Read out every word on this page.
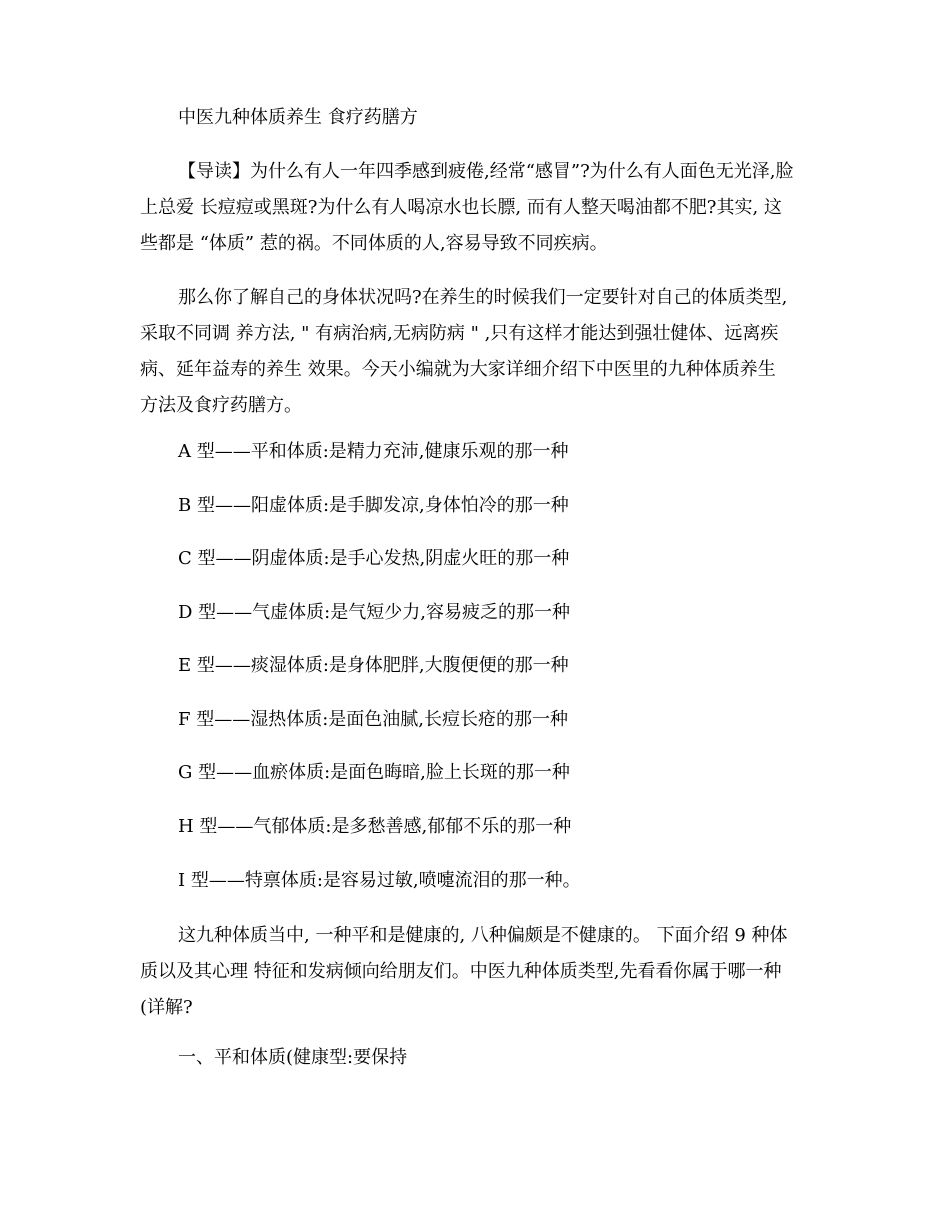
中医九种体质养生 食疗药膳方
【导读】为什么有人一年四季感到疲倦,经常“感冒”?为什么有人面色无光泽,脸
上总爱 长痘痘或黑斑?为什么有人喝凉水也长膘, 而有人整天喝油都不肥?其实, 这
些都是 “体质” 惹的祸。不同体质的人,容易导致不同疾病。
那么你了解自己的身体状况吗?在养生的时候我们一定要针对自己的体质类型,
采取不同调 养方法, " 有病治病,无病防病 " ,只有这样才能达到强壮健体、远离疾
病、延年益寿的养生 效果。今天小编就为大家详细介绍下中医里的九种体质养生
方法及食疗药膳方。
A 型——平和体质:是精力充沛,健康乐观的那一种
B 型——阳虚体质:是手脚发凉,身体怕冷的那一种
C 型——阴虚体质:是手心发热,阴虚火旺的那一种
D 型——气虚体质:是气短少力,容易疲乏的那一种
E 型——痰湿体质:是身体肥胖,大腹便便的那一种
F 型——湿热体质:是面色油腻,长痘长疮的那一种
G 型——血瘀体质:是面色晦暗,脸上长斑的那一种
H 型——气郁体质:是多愁善感,郁郁不乐的那一种
I 型——特禀体质:是容易过敏,喷嚏流泪的那一种。
这九种体质当中, 一种平和是健康的, 八种偏颇是不健康的。 下面介绍 9 种体
质以及其心理 特征和发病倾向给朋友们。中医九种体质类型,先看看你属于哪一种
(详解?
一、平和体质(健康型:要保持
